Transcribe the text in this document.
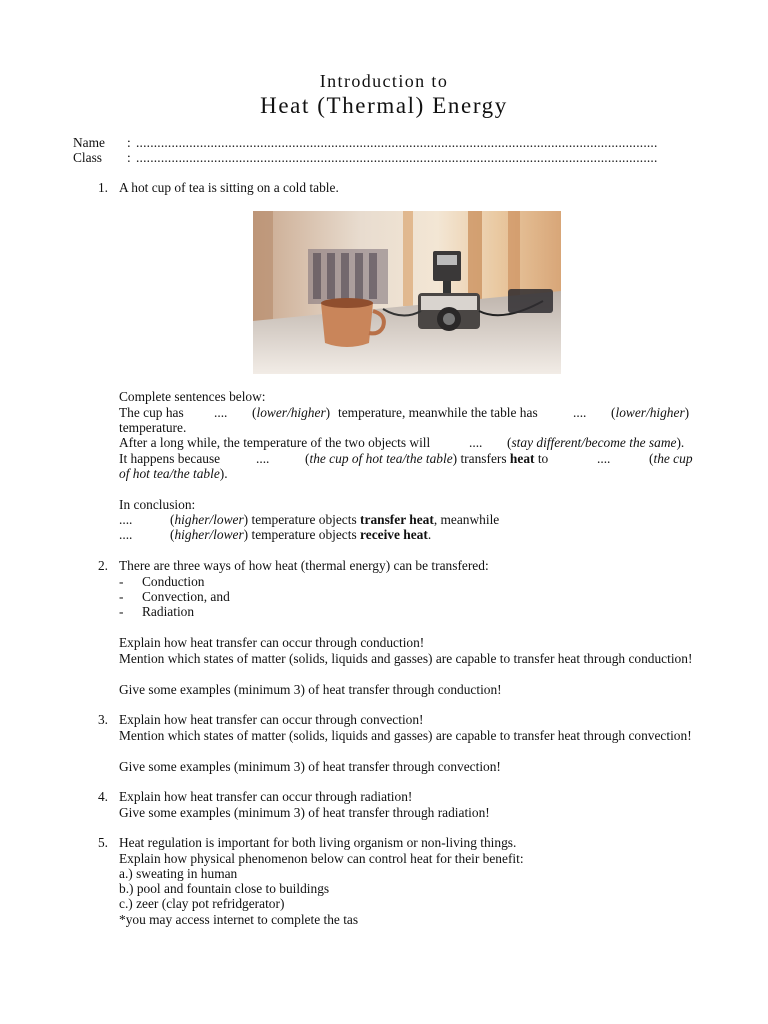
Introduction to
Heat (Thermal) Energy
Name : ...................................................................................................................................................
Class : ...................................................................................................................................................
1. A hot cup of tea is sitting on a cold table.
Complete sentences below:
The cup has .... (lower/higher) temperature, meanwhile the table has	.... (lower/higher)
temperature.
After a long while, the temperature of the two objects will	.... (stay different/become the same).
It happens because	....	(the cup of hot tea/the table) transfers heat to	....	(the cup
of hot tea/the table).
In conclusion:
....	(higher/lower) temperature objects transfer heat, meanwhile
....	(higher/lower) temperature objects receive heat.
2. There are three ways of how heat (thermal energy) can be transfered:
- Conduction
- Convection, and
- Radiation
Explain how heat transfer can occur through conduction!
Mention which states of matter (solids, liquids and gasses) are capable to transfer heat through conduction!
Give some examples (minimum 3) of heat transfer through conduction!
3. Explain how heat transfer can occur through convection!
Mention which states of matter (solids, liquids and gasses) are capable to transfer heat through convection!
Give some examples (minimum 3) of heat transfer through convection!
4. Explain how heat transfer can occur through radiation!
Give some examples (minimum 3) of heat transfer through radiation!
5. Heat regulation is important for both living organism or non-living things.
Explain how physical phenomenon below can control heat for their benefit:
a.) sweating in human
b.) pool and fountain close to buildings
c.) zeer (clay pot refridgerator)
*you may access internet to complete the tas
